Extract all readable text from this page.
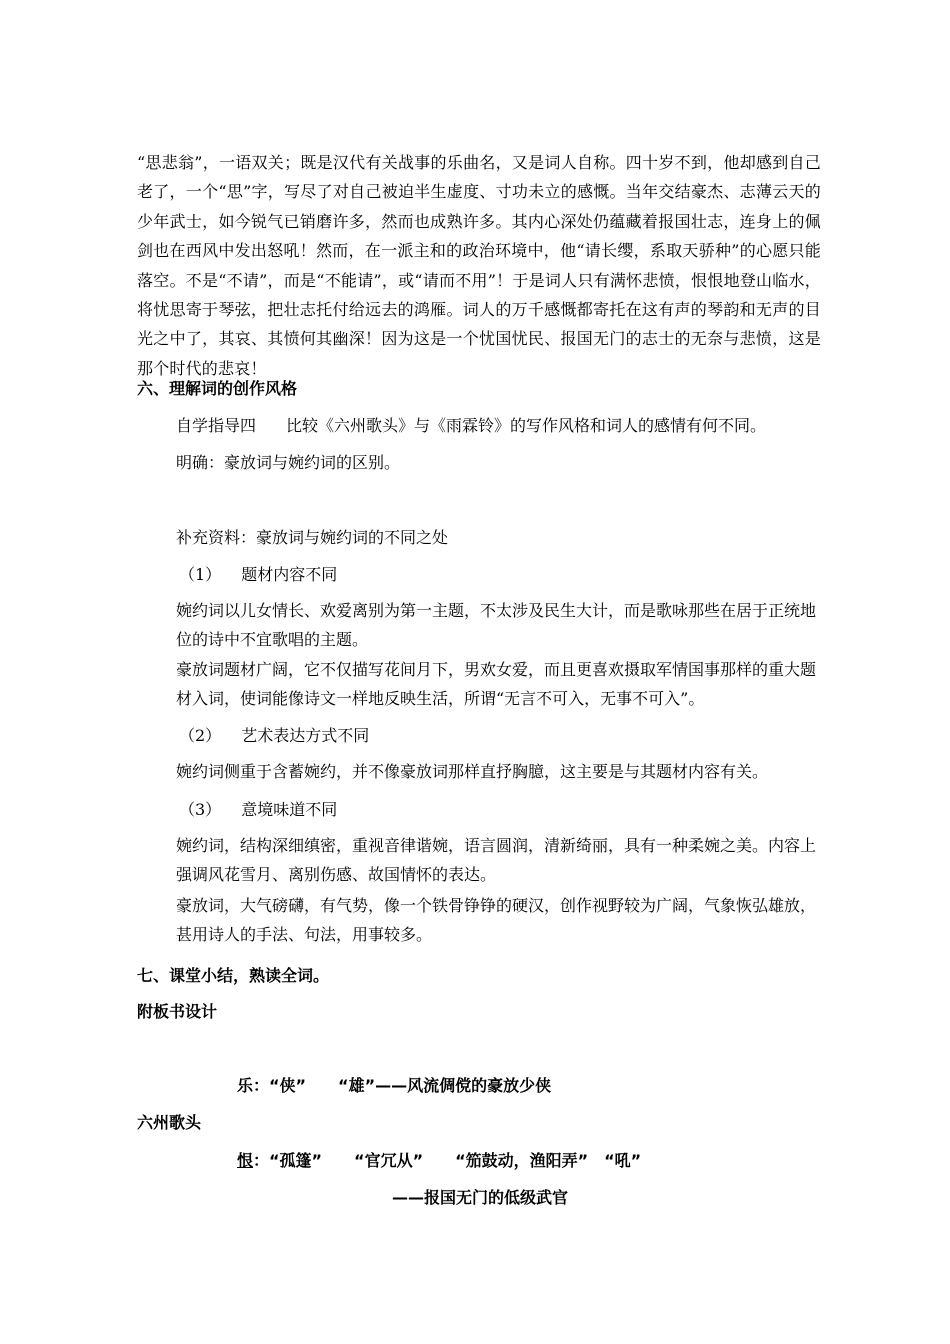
“思悲翁”，一语双关；既是汉代有关战事的乐曲名，又是词人自称。四十岁不到，他却感到自己老了，一个“思”字，写尽了对自己被迫半生虚度、寸功未立的感慨。当年交结豪杰、志薄云天的少年武士，如今锐气已销磨许多，然而也成熟许多。其内心深处仍蕴藏着报国壮志，连身上的佩剑也在西风中发出怒吼！然而，在一派主和的政治环境中，他“请长缨，系取天骄种”的心愿只能落空。不是“不请”，而是“不能请”，或“请而不用”！于是词人只有满怀悲愤，恨恨地登山临水，将忧思寄于琴弦，把壮志托付给远去的鸿雁。词人的万千感慨都寄托在这有声的琴韵和无声的目光之中了，其哀、其愤何其幽深！因为这是一个忧国忧民、报国无门的志士的无奈与悲愤，这是那个时代的悲哀！
六、理解词的创作风格
自学指导四 比较《六州歌头》与《雨霖铃》的写作风格和词人的感情有何不同。
明确：豪放词与婉约词的区别。
补充资料：豪放词与婉约词的不同之处
（1） 题材内容不同
婉约词以儿女情长、欢爱离别为第一主题，不太涉及民生大计，而是歌咏那些在居于正统地位的诗中不宜歌唱的主题。
豪放词题材广阔，它不仅描写花间月下，男欢女爱，而且更喜欢摄取军情国事那样的重大题材入词，使词能像诗文一样地反映生活，所谓“无言不可入，无事不可入”。
（2） 艺术表达方式不同
婉约词侧重于含蓄婉约，并不像豪放词那样直抒胸臆，这主要是与其题材内容有关。
（3） 意境味道不同
婉约词，结构深细缜密，重视音律谐婉，语言圆润，清新绮丽，具有一种柔婉之美。内容上强调风花雪月、离别伤感、故国情怀的表达。
豪放词，大气磅礴，有气势，像一个铁骨铮铮的硬汉，创作视野较为广阔，气象恢弘雄放，甚用诗人的手法、句法，用事较多。
七、课堂小结，熟读全词。
附板书设计
乐：“侠”　　“雄”——风流倜傥的豪放少侠
六州歌头
恨：“孤篷”　　“官冗从”　　“笳鼓动，渔阳弄”　“吼”
——报国无门的低级武官
